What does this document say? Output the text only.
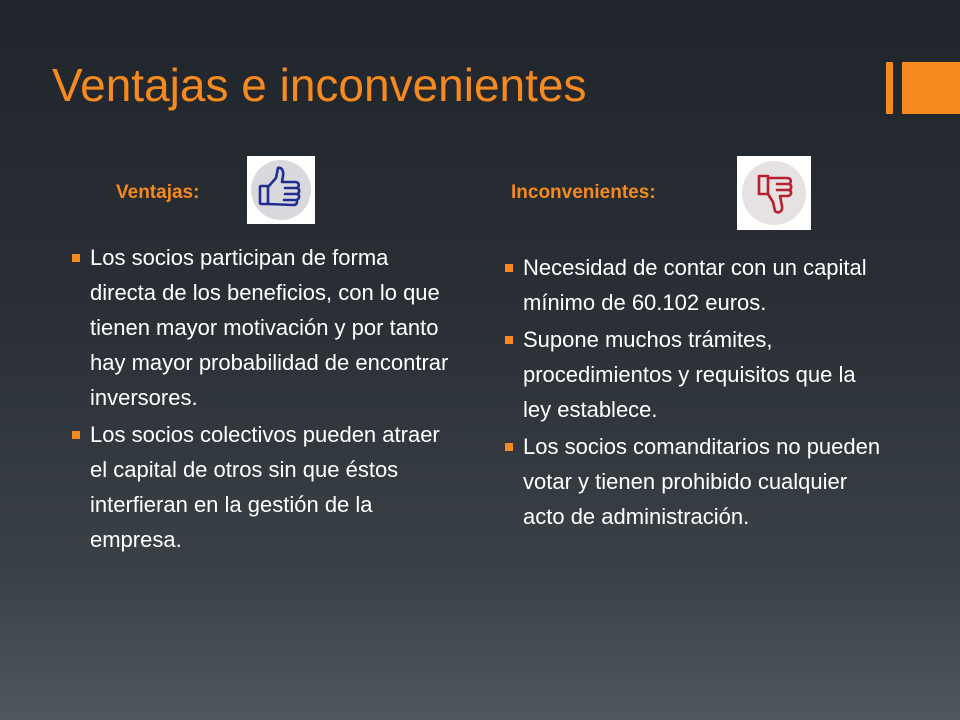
Ventajas e inconvenientes
Ventajas:	Inconvenientes:
Los socios participan de forma directa de los beneficios, con lo que tienen mayor motivación y por tanto hay mayor probabilidad de encontrar inversores.
Los socios colectivos pueden atraer el capital de otros sin que éstos interfieran en la gestión de la empresa.
Necesidad de contar con un capital mínimo de 60.102 euros.
Supone muchos trámites, procedimientos y requisitos que la ley establece.
Los socios comanditarios no pueden votar y tienen prohibido cualquier acto de administración.
